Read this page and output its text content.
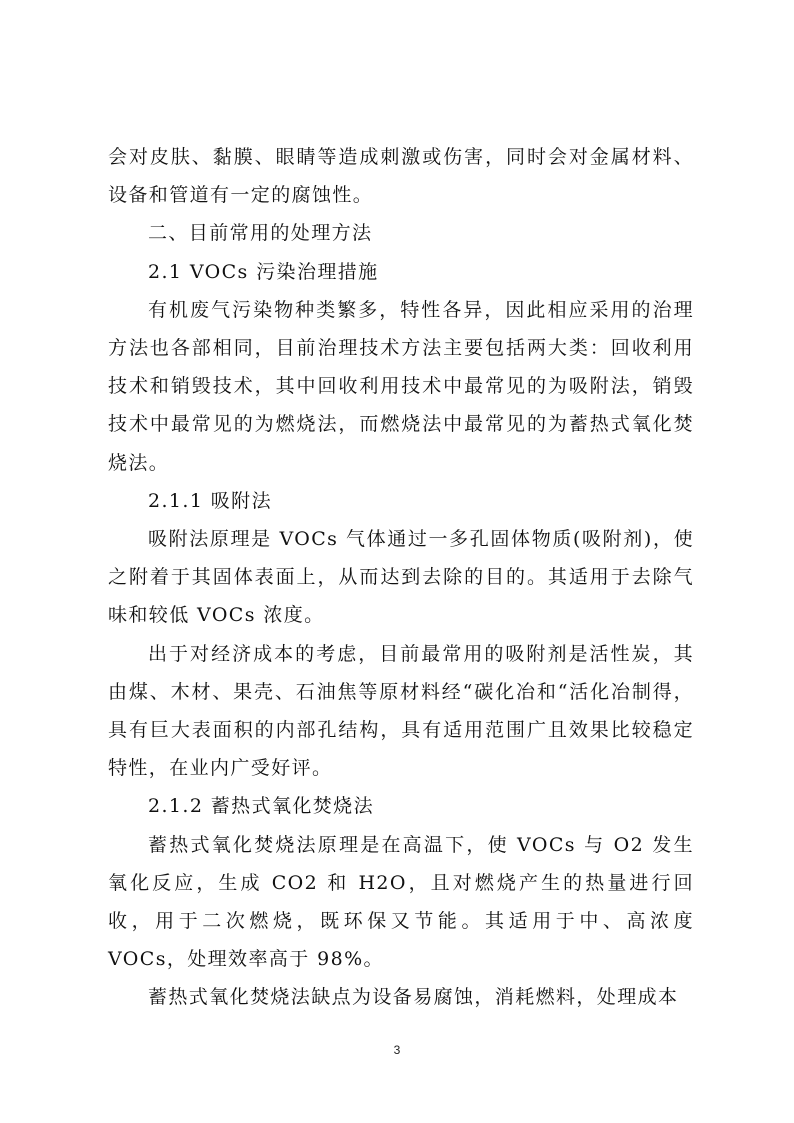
会对皮肤、黏膜、眼睛等造成刺激或伤害，同时会对金属材料、设备和管道有一定的腐蚀性。

二、目前常用的处理方法

2.1 VOCs 污染治理措施

有机废气污染物种类繁多，特性各异，因此相应采用的治理方法也各部相同，目前治理技术方法主要包括两大类：回收利用技术和销毁技术，其中回收利用技术中最常见的为吸附法，销毁技术中最常见的为燃烧法，而燃烧法中最常见的为蓄热式氧化焚烧法。

2.1.1 吸附法

吸附法原理是 VOCs 气体通过一多孔固体物质(吸附剂)，使之附着于其固体表面上，从而达到去除的目的。其适用于去除气味和较低 VOCs 浓度。

出于对经济成本的考虑，目前最常用的吸附剂是活性炭，其由煤、木材、果壳、石油焦等原材料经“碳化冶和“活化冶制得，具有巨大表面积的内部孔结构，具有适用范围广且效果比较稳定特性，在业内广受好评。

2.1.2 蓄热式氧化焚烧法

蓄热式氧化焚烧法原理是在高温下，使 VOCs 与 O2 发生氧化反应，生成 CO2 和 H2O，且对燃烧产生的热量进行回收，用于二次燃烧，既环保又节能。其适用于中、高浓度 VOCs，处理效率高于 98%。

蓄热式氧化焚烧法缺点为设备易腐蚀，消耗燃料，处理成本

3
